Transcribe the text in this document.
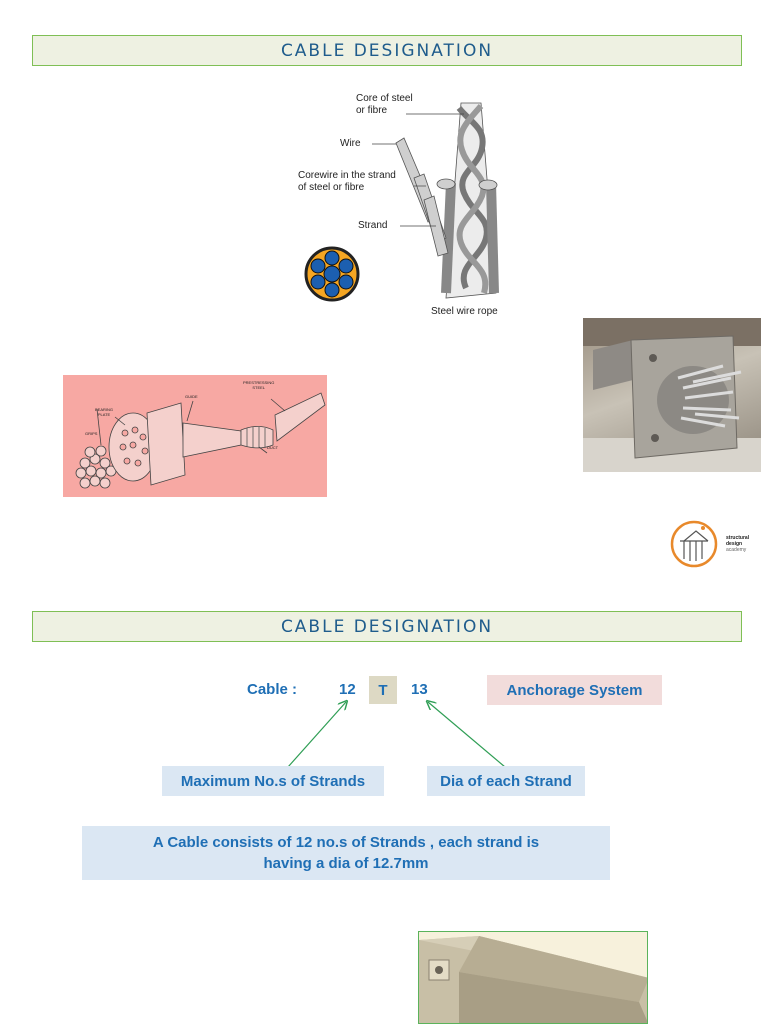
CABLE DESIGNATION
Core of steel
or fibre
Wire
Corewire in the strand
of steel or fibre
Strand
Steel wire rope
PRESTRESSING
STEEL
GUIDE
BEARING
PLATE
GRIPS
DUCT
structural
design
academy
CABLE DESIGNATION
Cable :	12	T	13	Anchorage System
Maximum No.s of Strands	Dia of each Strand
A Cable consists of 12 no.s of Strands , each strand is having a dia of 12.7mm
